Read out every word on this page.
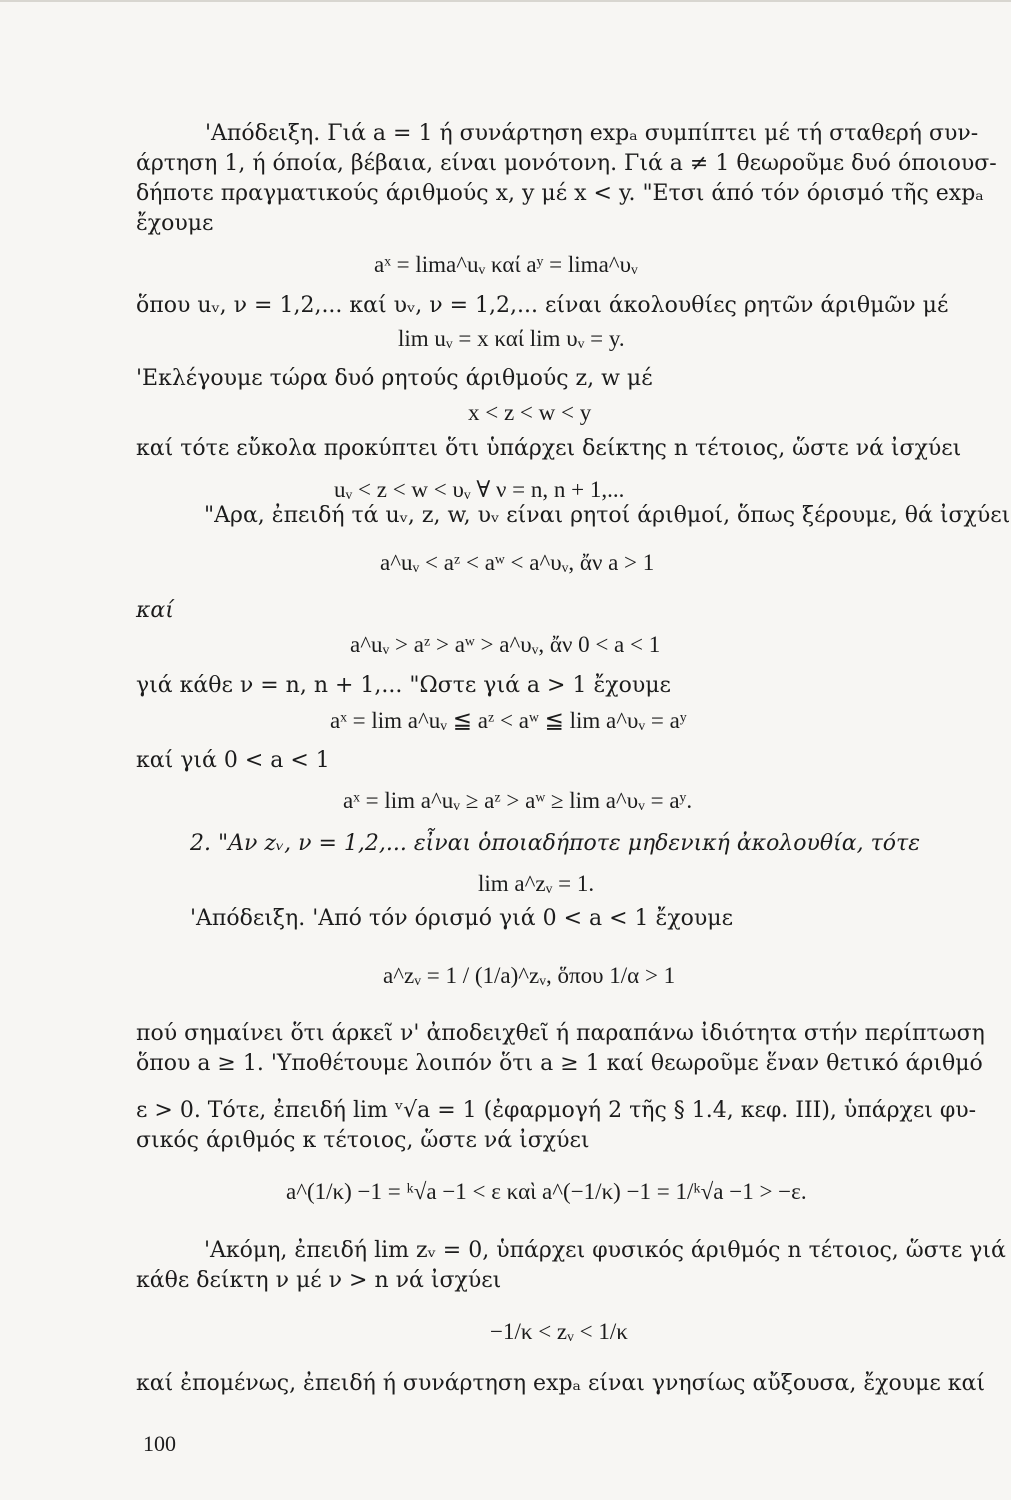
'Απόδειξη. Γιά a = 1 ή συνάρτηση expₐ συμπίπτει μέ τή σταθερή συν-
άρτηση 1, ή όποία, βέβαια, είναι μονότονη. Γιά a ≠ 1 θεωροῦμε δυό όποιουσ-
δήποτε πραγματικούς άριθμούς x, y μέ x < y. "Ετσι άπό τόν όρισμό τῆς expₐ
ἔχουμε
aˣ = lima^uᵥ καί aʸ = lima^υᵥ
ὅπου uᵥ, ν = 1,2,... καί υᵥ, ν = 1,2,... είναι άκολουθίες ρητῶν άριθμῶν μέ
lim uᵥ = x καί lim υᵥ = y.
'Εκλέγουμε τώρα δυό ρητούς άριθμούς z, w μέ
x < z < w < y
καί τότε εὔκολα προκύπτει ὅτι ὑπάρχει δείκτης n τέτοιος, ὥστε νά ἰσχύει
uᵥ < z < w < υᵥ ∀ ν = n, n + 1,...
"Αρα, ἐπειδή τά uᵥ, z, w, υᵥ είναι ρητοί άριθμοί, ὅπως ξέρουμε, θά ἰσχύει
a^uᵥ < aᶻ < aʷ < a^υᵥ, ἄν a > 1
καί
a^uᵥ > aᶻ > aʷ > a^υᵥ, ἄν 0 < a < 1
γιά κάθε ν = n, n + 1,... "Ωστε γιά a > 1 ἔχουμε
aˣ = lim a^uᵥ ≦ aᶻ < aʷ ≦ lim a^υᵥ = aʸ
καί γιά 0 < a < 1
aˣ = lim a^uᵥ ≥ aᶻ > aʷ ≥ lim a^υᵥ = aʸ.
2. "Αν zᵥ, ν = 1,2,... εἶναι ὁποιαδήποτε μηδενική ἀκολουθία, τότε
lim a^zᵥ = 1.
'Απόδειξη. 'Από τόν όρισμό γιά 0 < a < 1 ἔχουμε
a^zᵥ = 1 / (1/a)^zᵥ, ὅπου 1/α > 1
πού σημαίνει ὅτι άρκεῖ ν' ἀποδειχθεῖ ή παραπάνω ἰδιότητα στήν περίπτωση
ὅπου a ≥ 1. 'Υποθέτουμε λοιπόν ὅτι a ≥ 1 καί θεωροῦμε ἕναν θετικό άριθμό
ε > 0. Τότε, ἐπειδή lim ᵛ√a = 1 (ἐφαρμογή 2 τῆς § 1.4, κεφ. III), ὑπάρχει φυ-
σικός άριθμός κ τέτοιος, ὥστε νά ἰσχύει
a^(1/κ) −1 = ᵏ√a −1 < ε καὶ a^(−1/κ) −1 = 1/ᵏ√a −1 > −ε.
'Ακόμη, ἐπειδή lim zᵥ = 0, ὑπάρχει φυσικός άριθμός n τέτοιος, ὥστε γιά
κάθε δείκτη ν μέ ν > n νά ἰσχύει
−1/κ < zᵥ < 1/κ
καί ἐπομένως, ἐπειδή ή συνάρτηση expₐ είναι γνησίως αὔξουσα, ἔχουμε καί
100
